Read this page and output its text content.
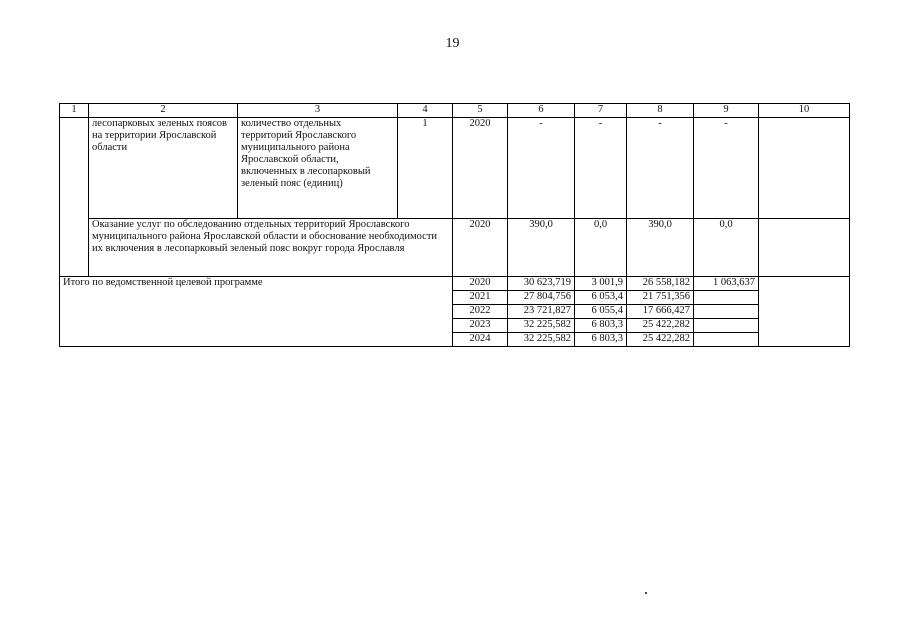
19
1	2	3	4	5	6	7	8	9	10
	лесопарковых зеленых поясов на территории Ярославской области	количество отдельных территорий Ярославского муниципального района Ярославской области, включенных в лесопарковый зеленый пояс (единиц)	1	2020	-	-	-	-	
	Оказание услуг по обследованию отдельных территорий Ярославского муниципального района Ярославской области и обоснование необходимости их включения в лесопарковый зеленый пояс вокруг города Ярославля			2020	390,0	0,0	390,0	0,0	
Итого по ведомственной целевой программе				2020	30 623,719	3 001,9	26 558,182	1 063,637	
				2021	27 804,756	6 053,4	21 751,356		
				2022	23 721,827	6 055,4	17 666,427		
				2023	32 225,582	6 803,3	25 422,282		
				2024	32 225,582	6 803,3	25 422,282		
